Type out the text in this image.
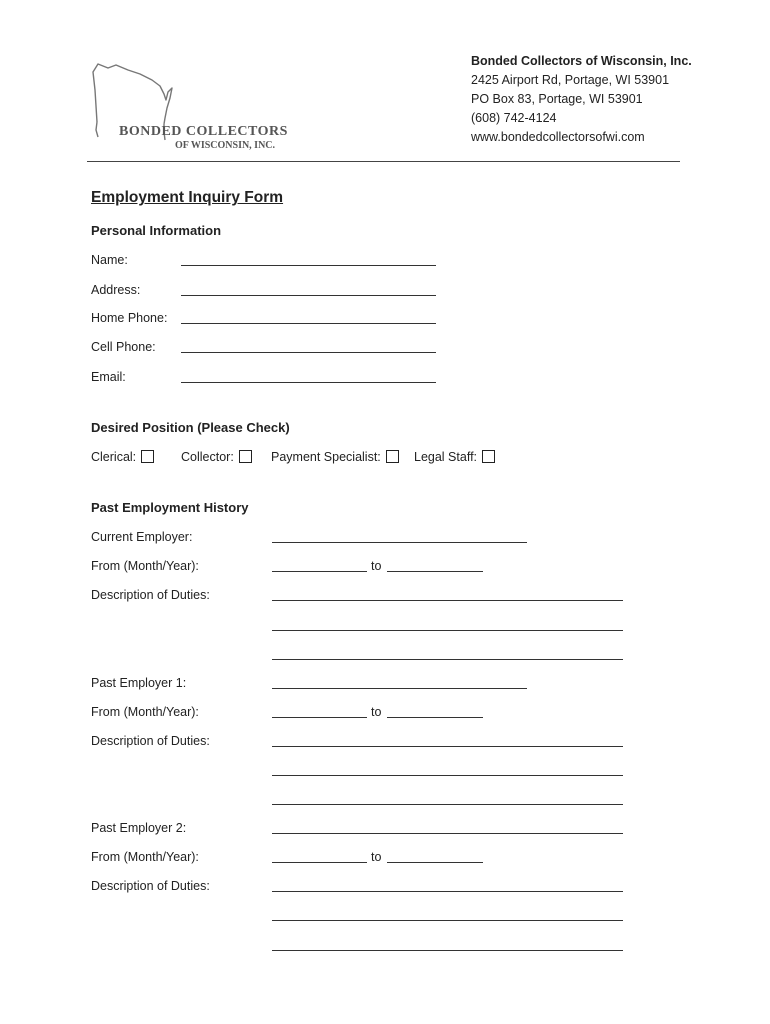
BONDED COLLECTORS
OF WISCONSIN, INC.
Bonded Collectors of Wisconsin, Inc.
2425 Airport Rd, Portage, WI 53901
PO Box 83, Portage, WI 53901
(608) 742-4124
www.bondedcollectorsofwi.com
Employment Inquiry Form
Personal Information
Name:
Address:
Home Phone:
Cell Phone:
Email:
Desired Position (Please Check)
Clerical:	Collector:	Payment Specialist:	Legal Staff:
Past Employment History
Current Employer:
From (Month/Year):	to
Description of Duties:
Past Employer 1:
From (Month/Year):	to
Description of Duties:
Past Employer 2:
From (Month/Year):	to
Description of Duties:
